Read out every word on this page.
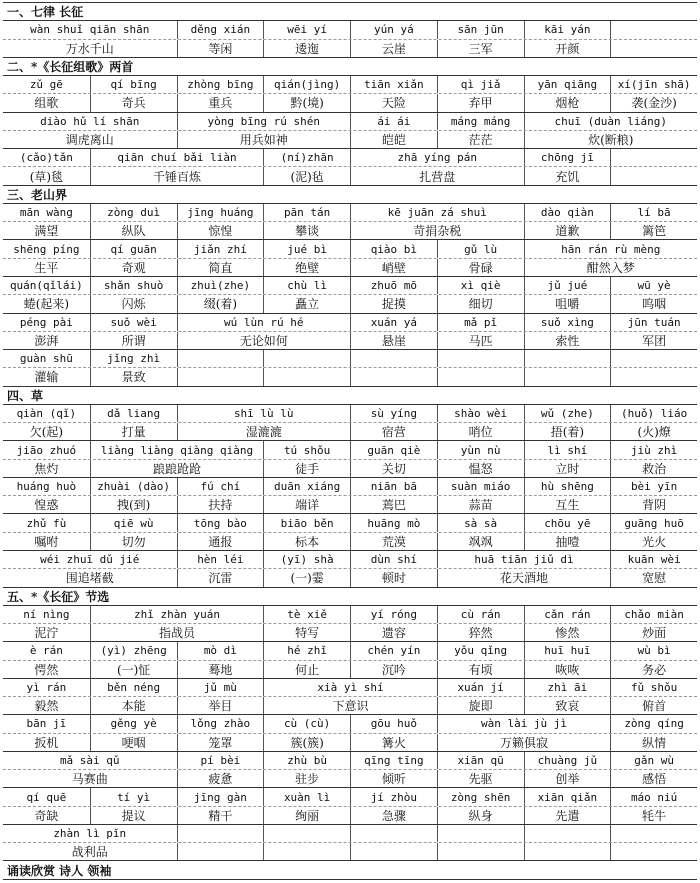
一、七律 长征
wàn shuǐ qiān shān	děng xián	wēi yí	yún yá	sān jūn	kāi yán
万水千山	等闲	逶迤	云崖	三军	开颜
二、*《长征组歌》两首
zǔ gē	qí bīng	zhòng bīng	qián(jìng)	tiān xiǎn	qì jiǎ	yān qiāng	xí(jīn shā)
组歌	奇兵	重兵	黔(境)	天险	弃甲	烟枪	袭(金沙)
diào hǔ lí shān	yòng bīng rú shén	ái ái	máng máng	chuī (duàn liáng)
调虎离山	用兵如神	皑皑	茫茫	炊(断粮)
(cǎo)tǎn	qiān chuí bǎi liàn	(ní)zhān	zhā yíng pán	chōng jī
(草)毯	千锤百炼	(泥)毡	扎营盘	充饥
三、老山界
mān wàng	zòng duì	jīng huáng	pān tán	kē juān zá shuì	dào qiàn	lí bā
满望	纵队	惊惶	攀谈	苛捐杂税	道歉	篱笆
shēng píng	qí guān	jiǎn zhí	jué bì	qiào bì	gǔ lù	hān rán rù mèng
生平	奇观	简直	绝壁	峭壁	骨碌	酣然入梦
quán(qǐlái)	shǎn shuò	zhuì(zhe)	chù lì	zhuō mō	xì qiè	jǔ jué	wū yè
蜷(起来)	闪烁	缀(着)	矗立	捉摸	细切	咀嚼	呜咽
péng pài	suǒ wèi	wú lùn rú hé	xuán yá	mǎ pǐ	suǒ xìng	jūn tuán
澎湃	所谓	无论如何	悬崖	马匹	索性	军团
guàn shū	jǐng zhì
灌输	景致
四、草
qiàn (qǐ)	dǎ liang	shī lù lù	sù yíng	shào wèi	wǔ (zhe)	(huǒ) liáo
欠(起)	打量	湿漉漉	宿营	哨位	捂(着)	(火)燎
jiāo zhuó	liàng liàng qiàng qiàng	tú shǒu	guān qiè	yùn nù	lì shí	jiù zhì
焦灼	踉踉跄跄	徒手	关切	愠怒	立时	救治
huáng huò	zhuài (dào)	fú chí	duān xiáng	niān bā	suàn miáo	hù shēng	bèi yīn
惶惑	拽(到)	扶持	端详	蔫巴	蒜苗	互生	背阴
zhǔ fù	qiē wù	tōng bào	biāo běn	huāng mò	sà sà	chōu yē	guāng huō
嘱咐	切勿	通报	标本	荒漠	飒飒	抽噎	光火
wéi zhuī dǔ jié	hèn léi	(yī) shà	dùn shí	huā tiān jiǔ dì	kuān wèi
围追堵截	沉雷	(一)霎	顿时	花天酒地	宽慰
五、*《长征》节选
ní nìng	zhǐ zhàn yuán	tè xiě	yí róng	cù rán	cǎn rán	chǎo miàn
泥泞	指战员	特写	遗容	猝然	惨然	炒面
è rán	(yì) zhēng	mò dì	hé zhǐ	chén yín	yǒu qǐng	huī huī	wù bì
愕然	(一)怔	蓦地	何止	沉吟	有顷	咴咴	务必
yì rán	běn néng	jǔ mù	xià yì shí	xuán jí	zhì āi	fǔ shǒu
毅然	本能	举目	下意识	旋即	致哀	俯首
bān jī	gěng yè	lǒng zhào	cù (cù)	gōu huǒ	wàn lài jù jì	zòng qíng
扳机	哽咽	笼罩	簇(簇)	篝火	万籁俱寂	纵情
mǎ sài qǔ	pí bèi	zhù bù	qīng tīng	xiān qū	chuàng jǔ	gǎn wù
马赛曲	疲惫	驻步	倾听	先驱	创举	感悟
qí quē	tí yì	jīng gàn	xuàn lì	jí zhòu	zòng shēn	xiān qiǎn	máo niú
奇缺	提议	精干	绚丽	急骤	纵身	先遣	牦牛
zhàn lì pǐn
战利品
诵读欣赏 诗人 领袖
